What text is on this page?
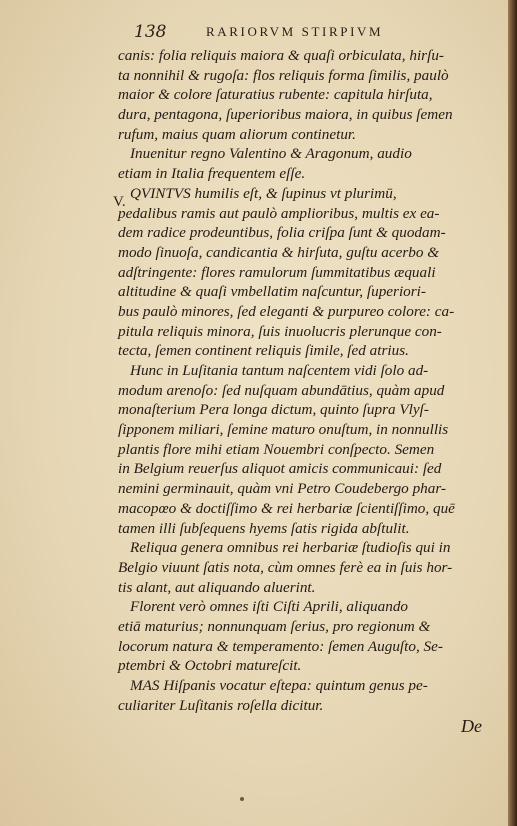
138	RARIORVM STIRPIVM
V.
canis: folia reliquis maiora & quaſi orbiculata, hirſu-
ta nonnihil & rugoſa: flos reliquis forma ſimilis, paulò
maior & colore ſaturatius rubente: capitula hirſuta,
dura, pentagona, ſuperioribus maiora, in quibus ſemen
rufum, maius quam aliorum continetur.
Inuenitur regno Valentino & Aragonum, audio
etiam in Italia frequentem eſſe.
QVINTVS humilis eſt, & ſupinus vt plurimū,
pedalibus ramis aut paulò amplioribus, multis ex ea-
dem radice prodeuntibus, folia criſpa ſunt & quodam-
modo ſinuoſa, candicantia & hirſuta, guſtu acerbo &
adſtringente: flores ramulorum ſummitatibus æquali
altitudine & quaſi vmbellatim naſcuntur, ſuperiori-
bus paulò minores, ſed eleganti & purpureo colore: ca-
pitula reliquis minora, ſuis inuolucris plerunque con-
tecta, ſemen continent reliquis ſimile, ſed atrius.
Hunc in Luſitania tantum naſcentem vidi ſolo ad-
modum arenoſo: ſed nuſquam abundātius, quàm apud
monaſterium Pera longa dictum, quinto ſupra Vlyſ-
ſipponem miliari, ſemine maturo onuſtum, in nonnullis
plantis flore mihi etiam Nouembri conſpecto. Semen
in Belgium reuerſus aliquot amicis communicaui: ſed
nemini germinauit, quàm vni Petro Coudebergo phar-
macopœo & doctiſſimo & rei herbariæ ſcientiſſimo, quē
tamen illi ſubſequens hyems ſatis rigida abſtulit.
Reliqua genera omnibus rei herbariæ ſtudioſis qui in
Belgio viuunt ſatis nota, cùm omnes ferè ea in ſuis hor-
tis alant, aut aliquando aluerint.
Florent verò omnes iſti Ciſti Aprili, aliquando
etiā maturius; nonnunquam ſerius, pro regionum &
locorum natura & temperamento: ſemen Auguſto, Se-
ptembri & Octobri matureſcit.
MAS Hiſpanis vocatur eſtepa: quintum genus pe-
culiariter Luſitanis roſella dicitur.
De
